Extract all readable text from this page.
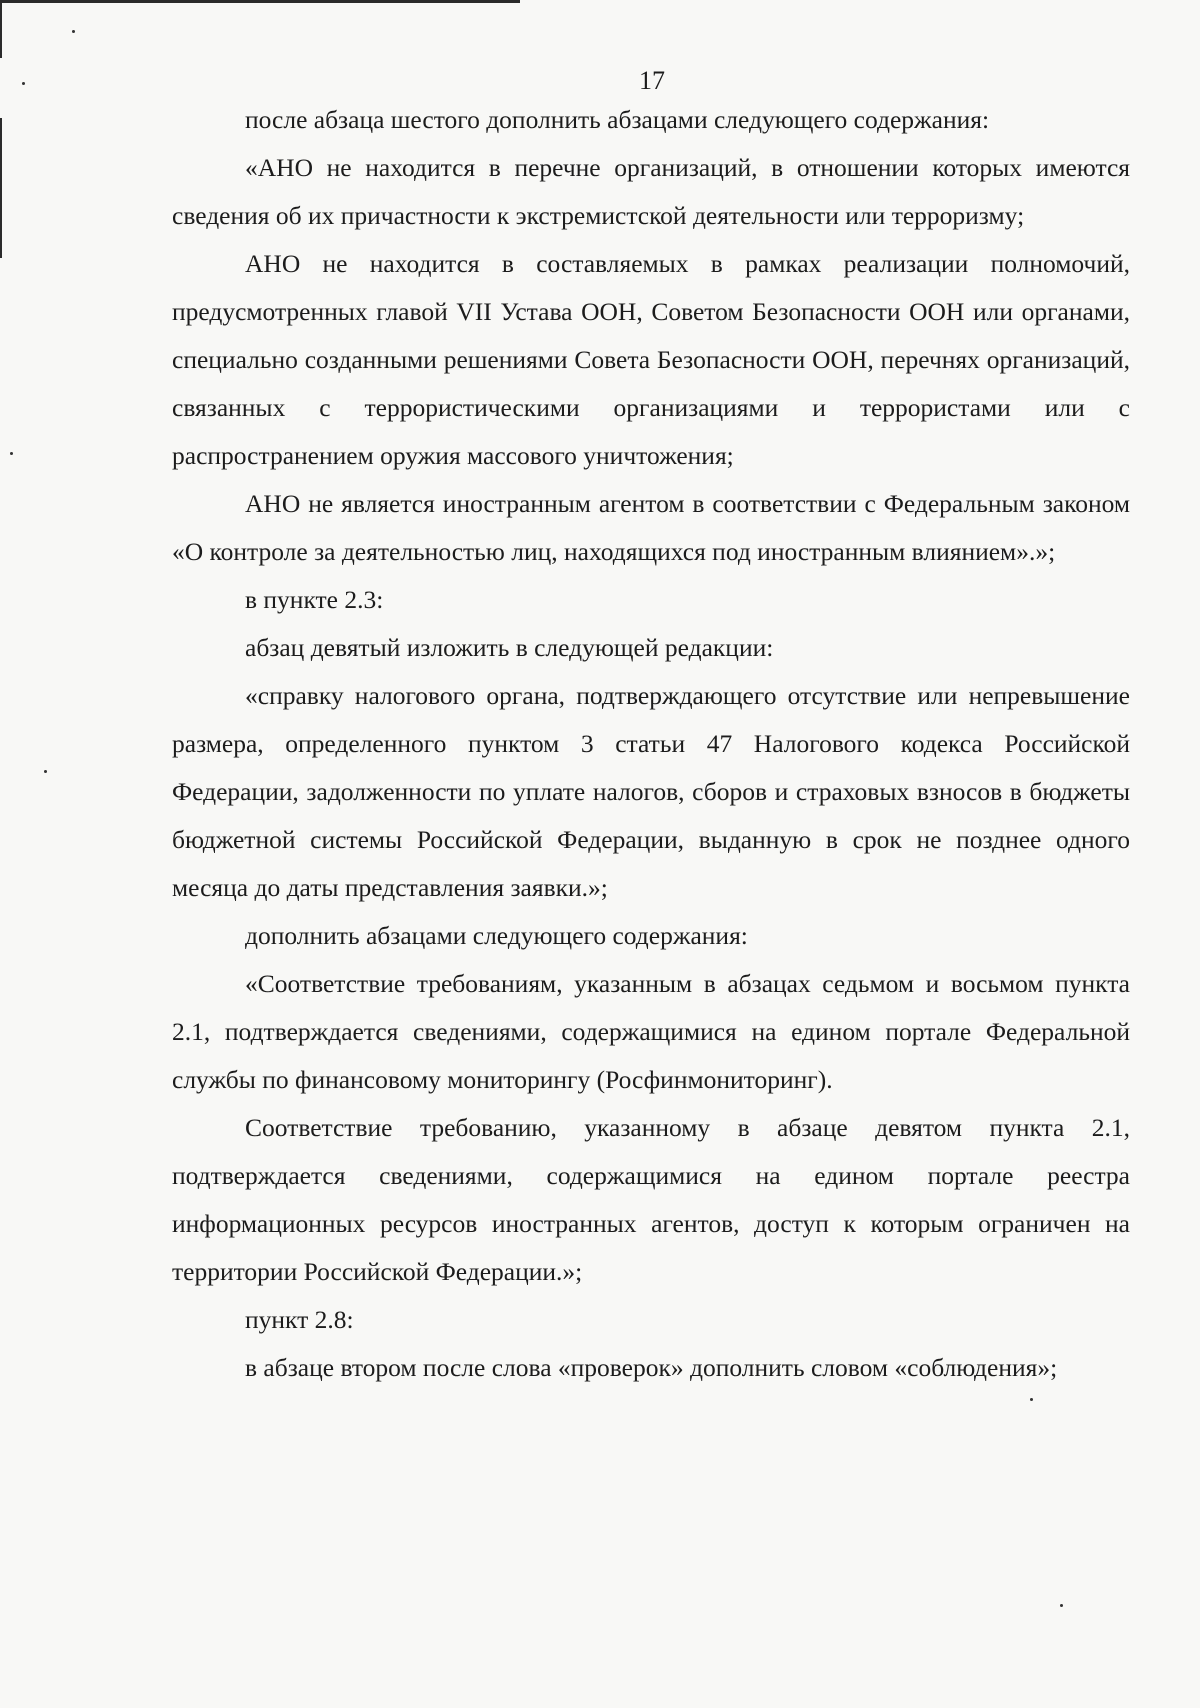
17

после абзаца шестого дополнить абзацами следующего содержания:

«АНО не находится в перечне организаций, в отношении которых имеются сведения об их причастности к экстремистской деятельности или терроризму;

АНО не находится в составляемых в рамках реализации полномочий, предусмотренных главой VII Устава ООН, Советом Безопасности ООН или органами, специально созданными решениями Совета Безопасности ООН, перечнях организаций, связанных с террористическими организациями и террористами или с распространением оружия массового уничтожения;

АНО не является иностранным агентом в соответствии с Федеральным законом «О контроле за деятельностью лиц, находящихся под иностранным влиянием».»;

в пункте 2.3:

абзац девятый изложить в следующей редакции:

«справку налогового органа, подтверждающего отсутствие или непревышение размера, определенного пунктом 3 статьи 47 Налогового кодекса Российской Федерации, задолженности по уплате налогов, сборов и страховых взносов в бюджеты бюджетной системы Российской Федерации, выданную в срок не позднее одного месяца до даты представления заявки.»;

дополнить абзацами следующего содержания:

«Соответствие требованиям, указанным в абзацах седьмом и восьмом пункта 2.1, подтверждается сведениями, содержащимися на едином портале Федеральной службы по финансовому мониторингу (Росфинмониторинг).

Соответствие требованию, указанному в абзаце девятом пункта 2.1, подтверждается сведениями, содержащимися на едином портале реестра информационных ресурсов иностранных агентов, доступ к которым ограничен на территории Российской Федерации.»;

пункт 2.8:

в абзаце втором после слова «проверок» дополнить словом «соблюдения»;
